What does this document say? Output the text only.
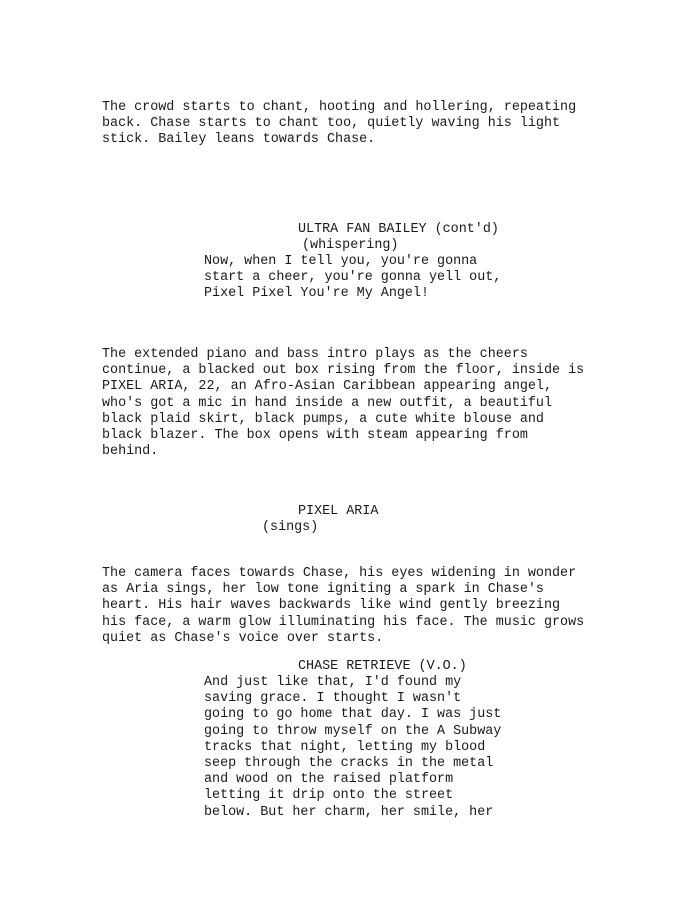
The crowd starts to chant, hooting and hollering, repeating
back. Chase starts to chant too, quietly waving his light
stick. Bailey leans towards Chase.

ULTRA FAN BAILEY (cont'd)

(whispering)

Now, when I tell you, you're gonna
start a cheer, you're gonna yell out,
Pixel Pixel You're My Angel!

The extended piano and bass intro plays as the cheers
continue, a blacked out box rising from the floor, inside is
PIXEL ARIA, 22, an Afro-Asian Caribbean appearing angel,
who's got a mic in hand inside a new outfit, a beautiful
black plaid skirt, black pumps, a cute white blouse and
black blazer. The box opens with steam appearing from
behind.

PIXEL ARIA

(sings)

The camera faces towards Chase, his eyes widening in wonder
as Aria sings, her low tone igniting a spark in Chase's
heart. His hair waves backwards like wind gently breezing
his face, a warm glow illuminating his face. The music grows
quiet as Chase's voice over starts.

CHASE RETRIEVE (V.O.)

And just like that, I'd found my
saving grace. I thought I wasn't
going to go home that day. I was just
going to throw myself on the A Subway
tracks that night, letting my blood
seep through the cracks in the metal
and wood on the raised platform
letting it drip onto the street
below. But her charm, her smile, her
